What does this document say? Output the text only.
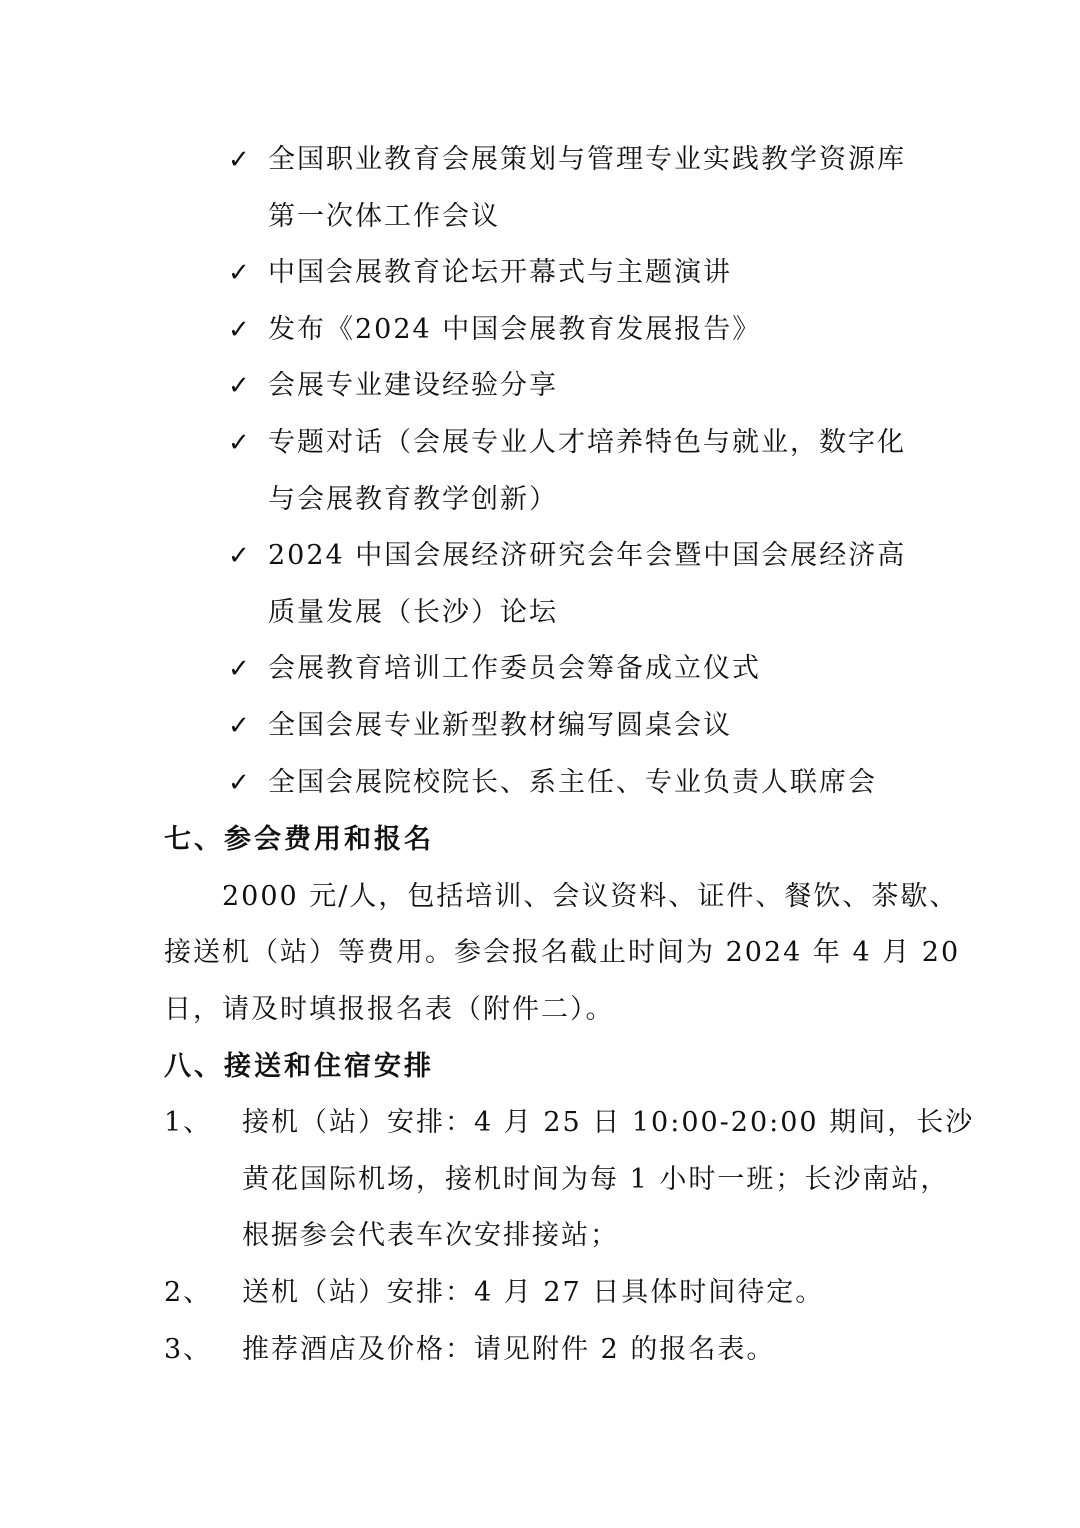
✓ 全国职业教育会展策划与管理专业实践教学资源库
第一次体工作会议
✓ 中国会展教育论坛开幕式与主题演讲
✓ 发布《2024 中国会展教育发展报告》
✓ 会展专业建设经验分享
✓ 专题对话（会展专业人才培养特色与就业，数字化
与会展教育教学创新）
✓ 2024 中国会展经济研究会年会暨中国会展经济高
质量发展（长沙）论坛
✓ 会展教育培训工作委员会筹备成立仪式
✓ 全国会展专业新型教材编写圆桌会议
✓ 全国会展院校院长、系主任、专业负责人联席会
七、参会费用和报名
2000 元/人，包括培训、会议资料、证件、餐饮、茶歇、
接送机（站）等费用。参会报名截止时间为 2024 年 4 月 20
日，请及时填报报名表（附件二）。
八、接送和住宿安排
1、 接机（站）安排：4 月 25 日 10:00-20:00 期间，长沙
黄花国际机场，接机时间为每 1 小时一班；长沙南站，
根据参会代表车次安排接站；
2、 送机（站）安排：4 月 27 日具体时间待定。
3、 推荐酒店及价格：请见附件 2 的报名表。
